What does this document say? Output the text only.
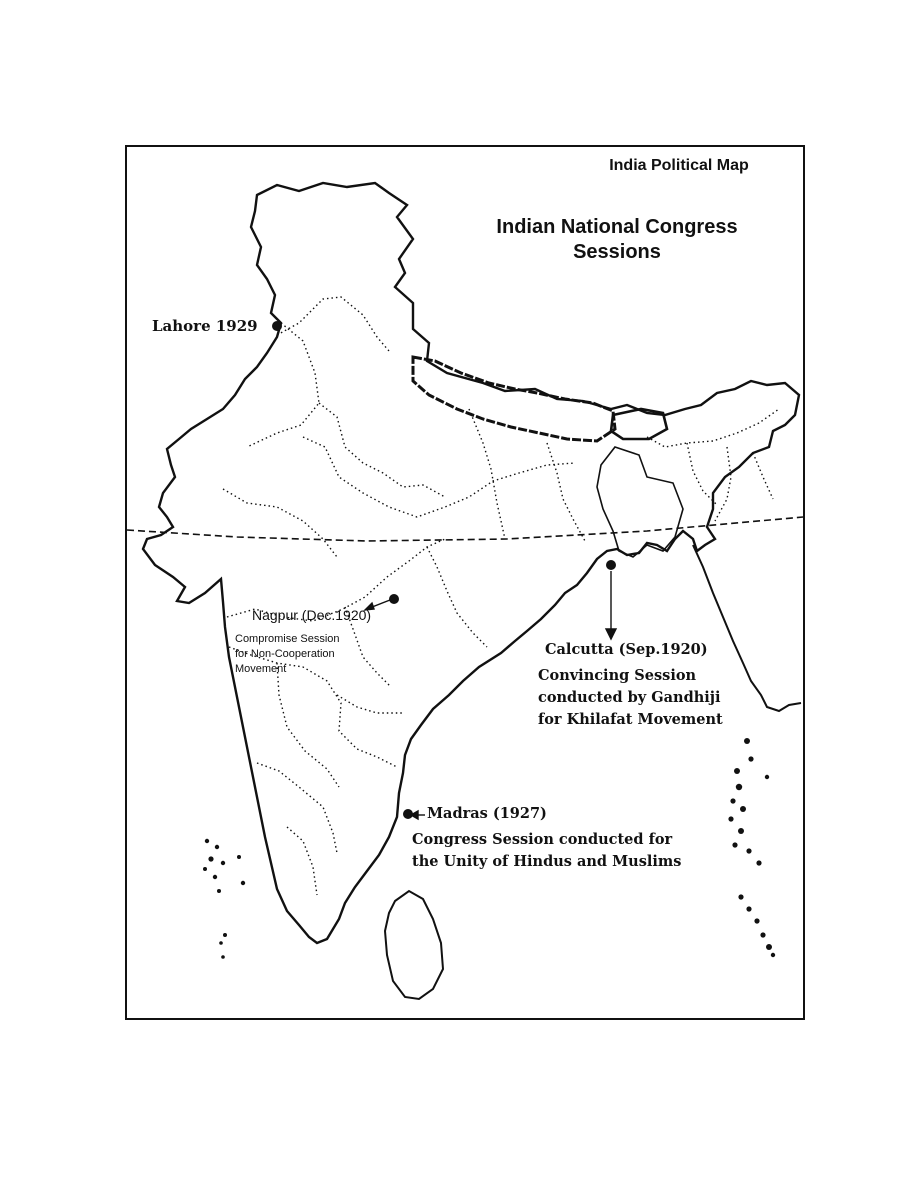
India Political Map
Indian National Congress
Sessions
Lahore 1929
Nagpur (Dec.1920)
Compromise Session
for Non-Cooperation
Movement
Calcutta (Sep.1920)
Convincing Session
conducted by Gandhiji
for Khilafat Movement
Madras (1927)
Congress Session conducted for
the Unity of Hindus and Muslims
